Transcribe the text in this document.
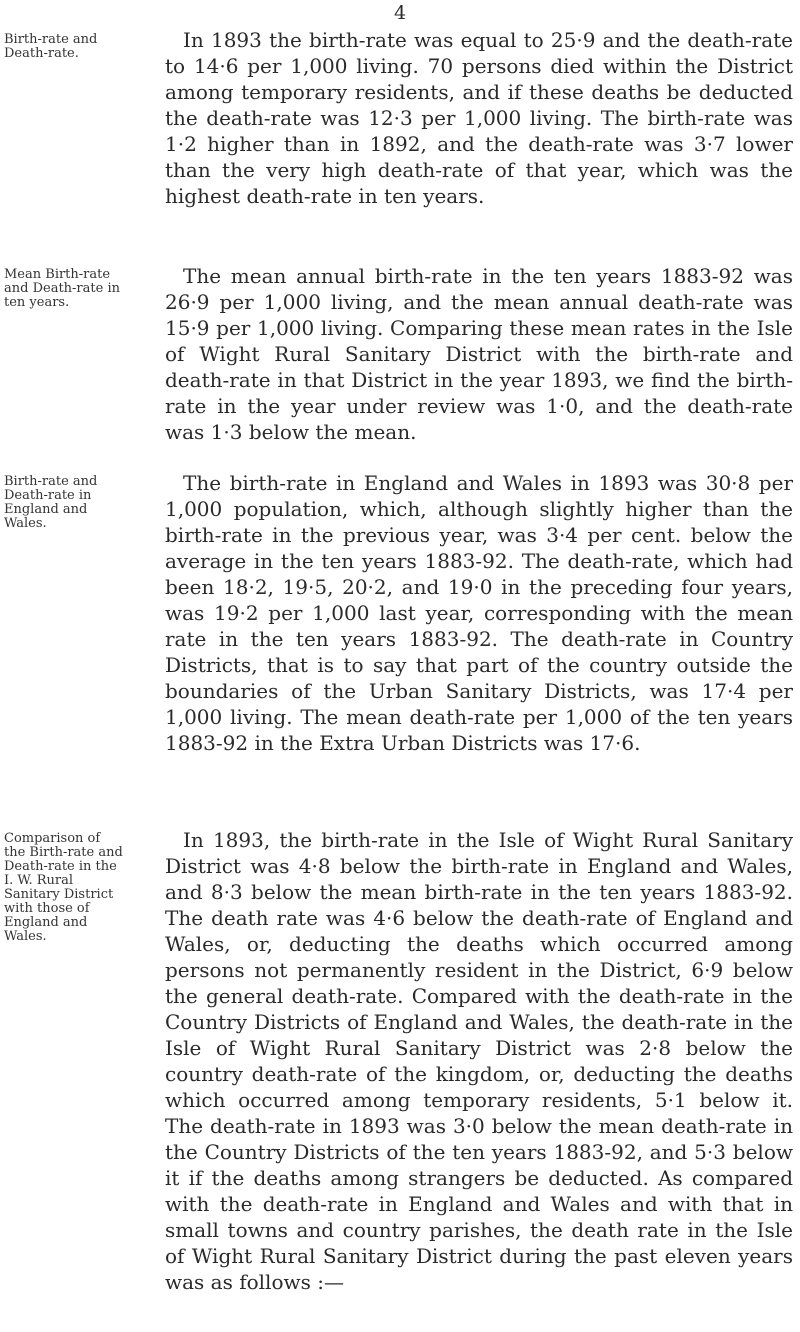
4
Birth-rate and Death-rate.

In 1893 the birth-rate was equal to 25·9 and the death-rate to 14·6 per 1,000 living. 70 persons died within the District among temporary residents, and if these deaths be deducted the death-rate was 12·3 per 1,000 living. The birth-rate was 1·2 higher than in 1892, and the death-rate was 3·7 lower than the very high death-rate of that year, which was the highest death-rate in ten years.

Mean Birth-rate and Death-rate in ten years.

The mean annual birth-rate in the ten years 1883-92 was 26·9 per 1,000 living, and the mean annual death-rate was 15·9 per 1,000 living. Comparing these mean rates in the Isle of Wight Rural Sanitary District with the birth-rate and death-rate in that District in the year 1893, we find the birth-rate in the year under review was 1·0, and the death-rate was 1·3 below the mean.

Birth-rate and Death-rate in England and Wales.

The birth-rate in England and Wales in 1893 was 30·8 per 1,000 population, which, although slightly higher than the birth-rate in the previous year, was 3·4 per cent. below the average in the ten years 1883-92. The death-rate, which had been 18·2, 19·5, 20·2, and 19·0 in the preceding four years, was 19·2 per 1,000 last year, corresponding with the mean rate in the ten years 1883-92. The death-rate in Country Districts, that is to say that part of the country outside the boundaries of the Urban Sanitary Districts, was 17·4 per 1,000 living. The mean death-rate per 1,000 of the ten years 1883-92 in the Extra Urban Districts was 17·6.

Comparison of the Birth-rate and Death-rate in the I. W. Rural Sanitary District with those of England and Wales.

In 1893, the birth-rate in the Isle of Wight Rural Sanitary District was 4·8 below the birth-rate in England and Wales, and 8·3 below the mean birth-rate in the ten years 1883-92. The death rate was 4·6 below the death-rate of England and Wales, or, deducting the deaths which occurred among persons not permanently resident in the District, 6·9 below the general death-rate. Compared with the death-rate in the Country Districts of England and Wales, the death-rate in the Isle of Wight Rural Sanitary District was 2·8 below the country death-rate of the kingdom, or, deducting the deaths which occurred among temporary residents, 5·1 below it. The death-rate in 1893 was 3·0 below the mean death-rate in the Country Districts of the ten years 1883-92, and 5·3 below it if the deaths among strangers be deducted. As compared with the death-rate in England and Wales and with that in small towns and country parishes, the death rate in the Isle of Wight Rural Sanitary District during the past eleven years was as follows :—
